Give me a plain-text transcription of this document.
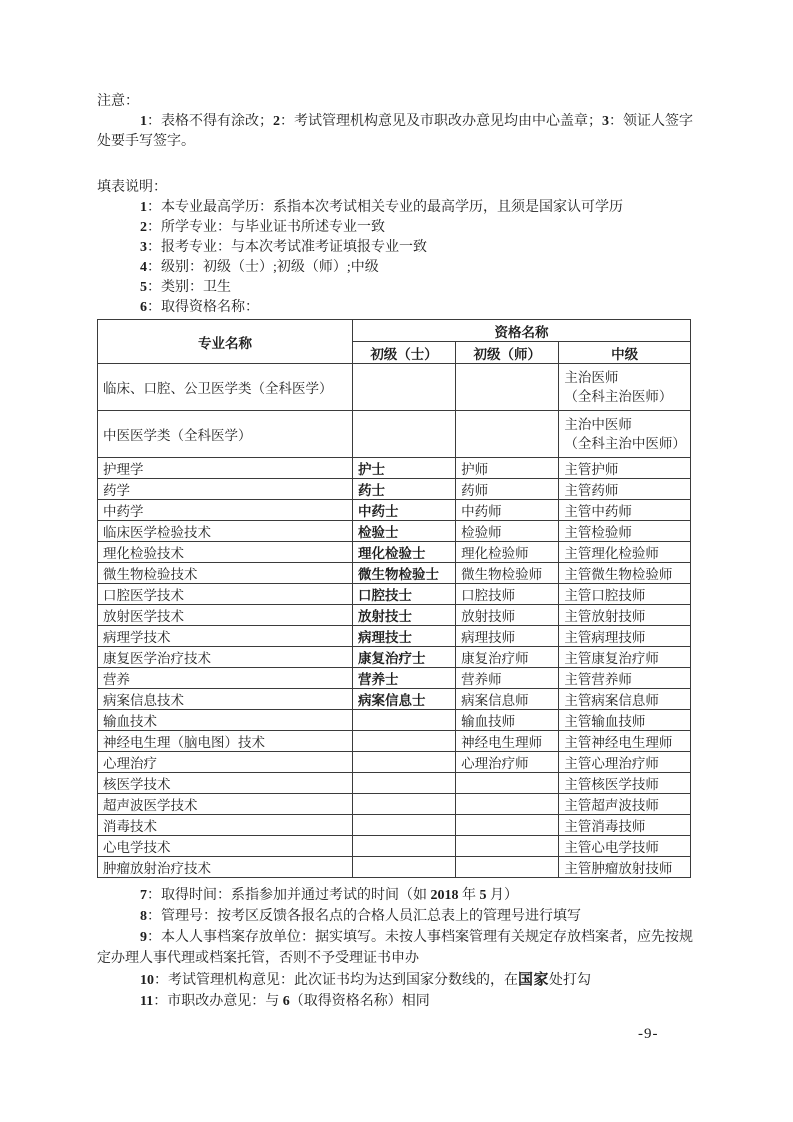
注意：

1：表格不得有涂改；2：考试管理机构意见及市职改办意见均由中心盖章；3：领证人签字

处要手写签字。

填表说明：

1：本专业最高学历：系指本次考试相关专业的最高学历，且须是国家认可学历

2：所学专业：与毕业证书所述专业一致

3：报考专业：与本次考试准考证填报专业一致

4：级别：初级（士）;初级（师）;中级

5：类别：卫生

6：取得资格名称：

专业名称	资格名称		
	初级（士）	初级（师）	中级
临床、口腔、公卫医学类（全科医学）			主治医师
（全科主治医师）

中医医学类（全科医学）			主治中医师
（全科主治中医师）

护理学	护士	护师	主管护师
药学	药士	药师	主管药师
中药学	中药士	中药师	主管中药师
临床医学检验技术	检验士	检验师	主管检验师
理化检验技术	理化检验士	理化检验师	主管理化检验师
微生物检验技术	微生物检验士	微生物检验师	主管微生物检验师
口腔医学技术	口腔技士	口腔技师	主管口腔技师
放射医学技术	放射技士	放射技师	主管放射技师
病理学技术	病理技士	病理技师	主管病理技师
康复医学治疗技术	康复治疗士	康复治疗师	主管康复治疗师
营养	营养士	营养师	主管营养师
病案信息技术	病案信息士	病案信息师	主管病案信息师
输血技术		输血技师	主管输血技师
神经电生理（脑电图）技术		神经电生理师	主管神经电生理师
心理治疗		心理治疗师	主管心理治疗师
核医学技术			主管核医学技师
超声波医学技术			主管超声波技师
消毒技术			主管消毒技师
心电学技术			主管心电学技师
肿瘤放射治疗技术			主管肿瘤放射技师

7：取得时间：系指参加并通过考试的时间（如 2018 年 5 月）

8：管理号：按考区反馈各报名点的合格人员汇总表上的管理号进行填写

9：本人人事档案存放单位：据实填写。未按人事档案管理有关规定存放档案者，应先按规

定办理人事代理或档案托管，否则不予受理证书申办

10：考试管理机构意见：此次证书均为达到国家分数线的，在国家处打勾

11：市职改办意见：与 6（取得资格名称）相同

-9-
